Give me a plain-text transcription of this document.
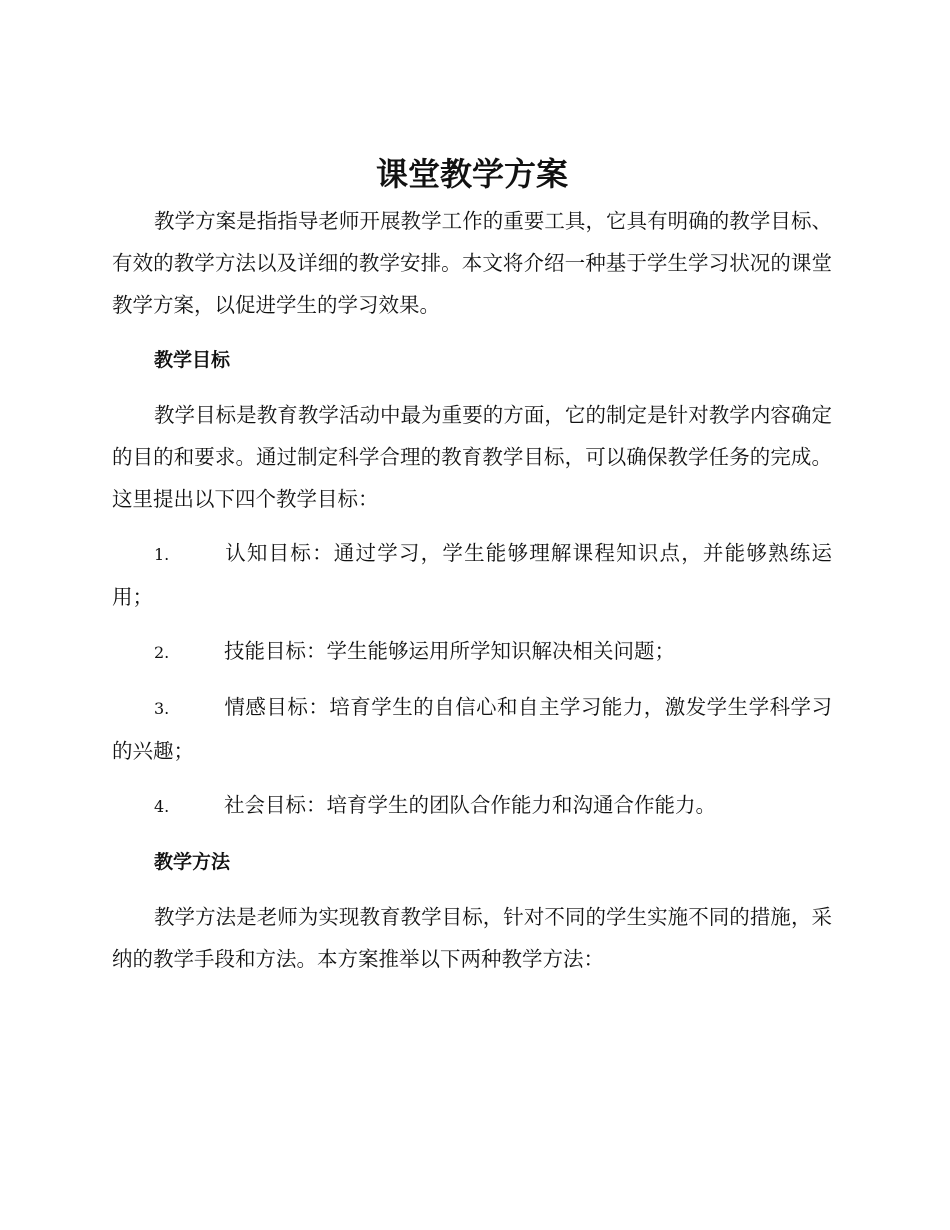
课堂教学方案

教学方案是指指导老师开展教学工作的重要工具，它具有明确的教学目标、有效的教学方法以及详细的教学安排。本文将介绍一种基于学生学习状况的课堂教学方案，以促进学生的学习效果。

教学目标

教学目标是教育教学活动中最为重要的方面，它的制定是针对教学内容确定的目的和要求。通过制定科学合理的教育教学目标，可以确保教学任务的完成。这里提出以下四个教学目标：

1.	认知目标：通过学习，学生能够理解课程知识点，并能够熟练运用；
2.	技能目标：学生能够运用所学知识解决相关问题；
3.	情感目标：培育学生的自信心和自主学习能力，激发学生学科学习的兴趣；
4.	社会目标：培育学生的团队合作能力和沟通合作能力。
教学方法

教学方法是老师为实现教育教学目标，针对不同的学生实施不同的措施，采纳的教学手段和方法。本方案推举以下两种教学方法：
